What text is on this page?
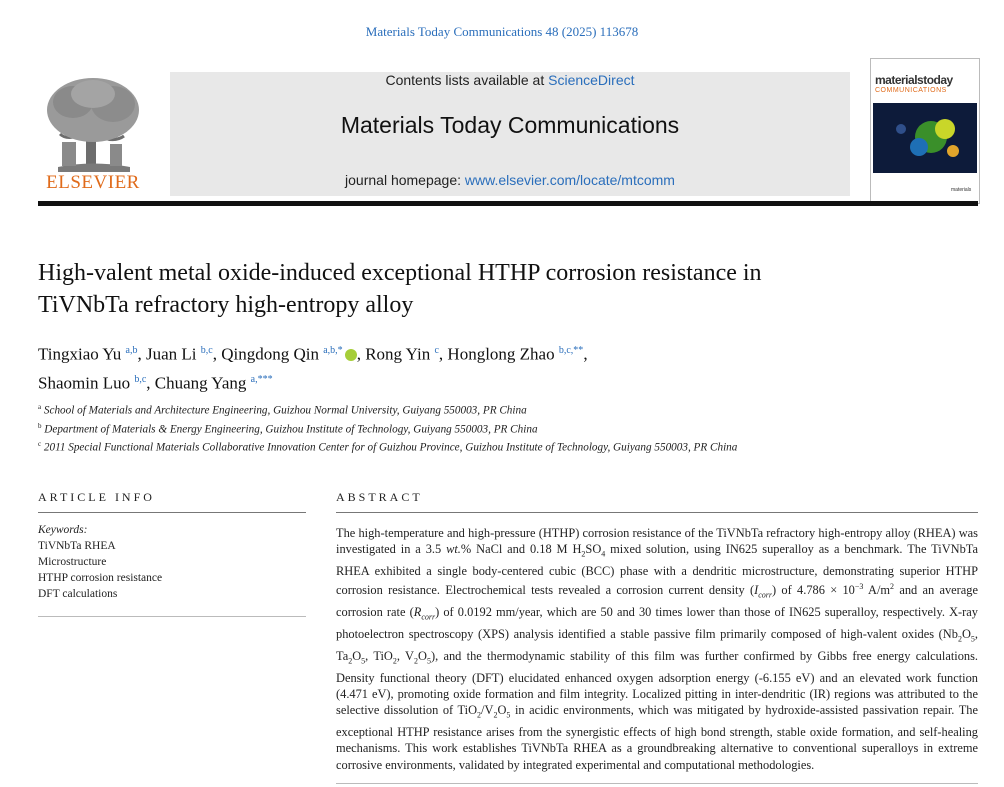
Materials Today Communications 48 (2025) 113678
ELSEVIER
Contents lists available at ScienceDirect
Materials Today Communications
journal homepage: www.elsevier.com/locate/mtcomm
materials
materialstoday
COMMUNICATIONS
High-valent metal oxide-induced exceptional HTHP corrosion resistance in
TiVNbTa refractory high-entropy alloy
Tingxiao Yu $^{a,b}$, Juan Li $^{b,c}$, Qingdong Qin $^{a,b,*}$ , Rong Yin $^c$, Honglong Zhao $^{b,c,**}$,
Shaomin Luo $^{b,c}$, Chuang Yang $^{a,***}$
$^a$ School of Materials and Architecture Engineering, Guizhou Normal University, Guiyang 550003, PR China
$^b$ Department of Materials & Energy Engineering, Guizhou Institute of Technology, Guiyang 550003, PR China
$^c$ 2011 Special Functional Materials Collaborative Innovation Center for of Guizhou Province, Guizhou Institute of Technology, Guiyang 550003, PR China
ARTICLE INFO
Keywords:
TiVNbTa RHEA
Microstructure
HTHP corrosion resistance
DFT calculations
ABSTRACT
The high-temperature and high-pressure (HTHP) corrosion resistance of the TiVNbTa refractory high-entropy alloy (RHEA) was investigated in a 3.5 wt.% NaCl and 0.18 M $H_2SO_4$ mixed solution, using IN625 superalloy as a benchmark. The TiVNbTa RHEA exhibited a single body-centered cubic (BCC) phase with a dendritic microstructure, demonstrating superior HTHP corrosion resistance. Electrochemical tests revealed a corrosion current density $(I_{corr})$ of $4.786 \times 10^{-3}$ $A/m^2$ and an average corrosion rate $(R_{corr})$ of 0.0192 mm/year, which are 50 and 30 times lower than those of IN625 superalloy, respectively. X-ray photoelectron spectroscopy (XPS) analysis identified a stable passive film primarily composed of high-valent oxides ($Nb_2O_5$, $Ta_2O_5$, TiO$_2$, $V_2O_5$), and the thermodynamic stability of this film was further confirmed by Gibbs free energy calculations. Density functional theory (DFT) elucidated enhanced oxygen adsorption energy (-6.155 eV) and an elevated work function (4.471 eV), promoting oxide formation and film integrity. Localized pitting in inter-dendritic (IR) regions was attributed to the selective dissolution of $TiO_2/V_2O_5$ in acidic environments, which was mitigated by hydroxide-assisted passivation repair. The exceptional HTHP resistance arises from the synergistic effects of high bond strength, stable oxide formation, and self-healing mechanisms. This work establishes TiVNbTa RHEA as a groundbreaking alternative to conventional superalloys in extreme corrosive environments, validated by integrated experimental and computational methodologies.
